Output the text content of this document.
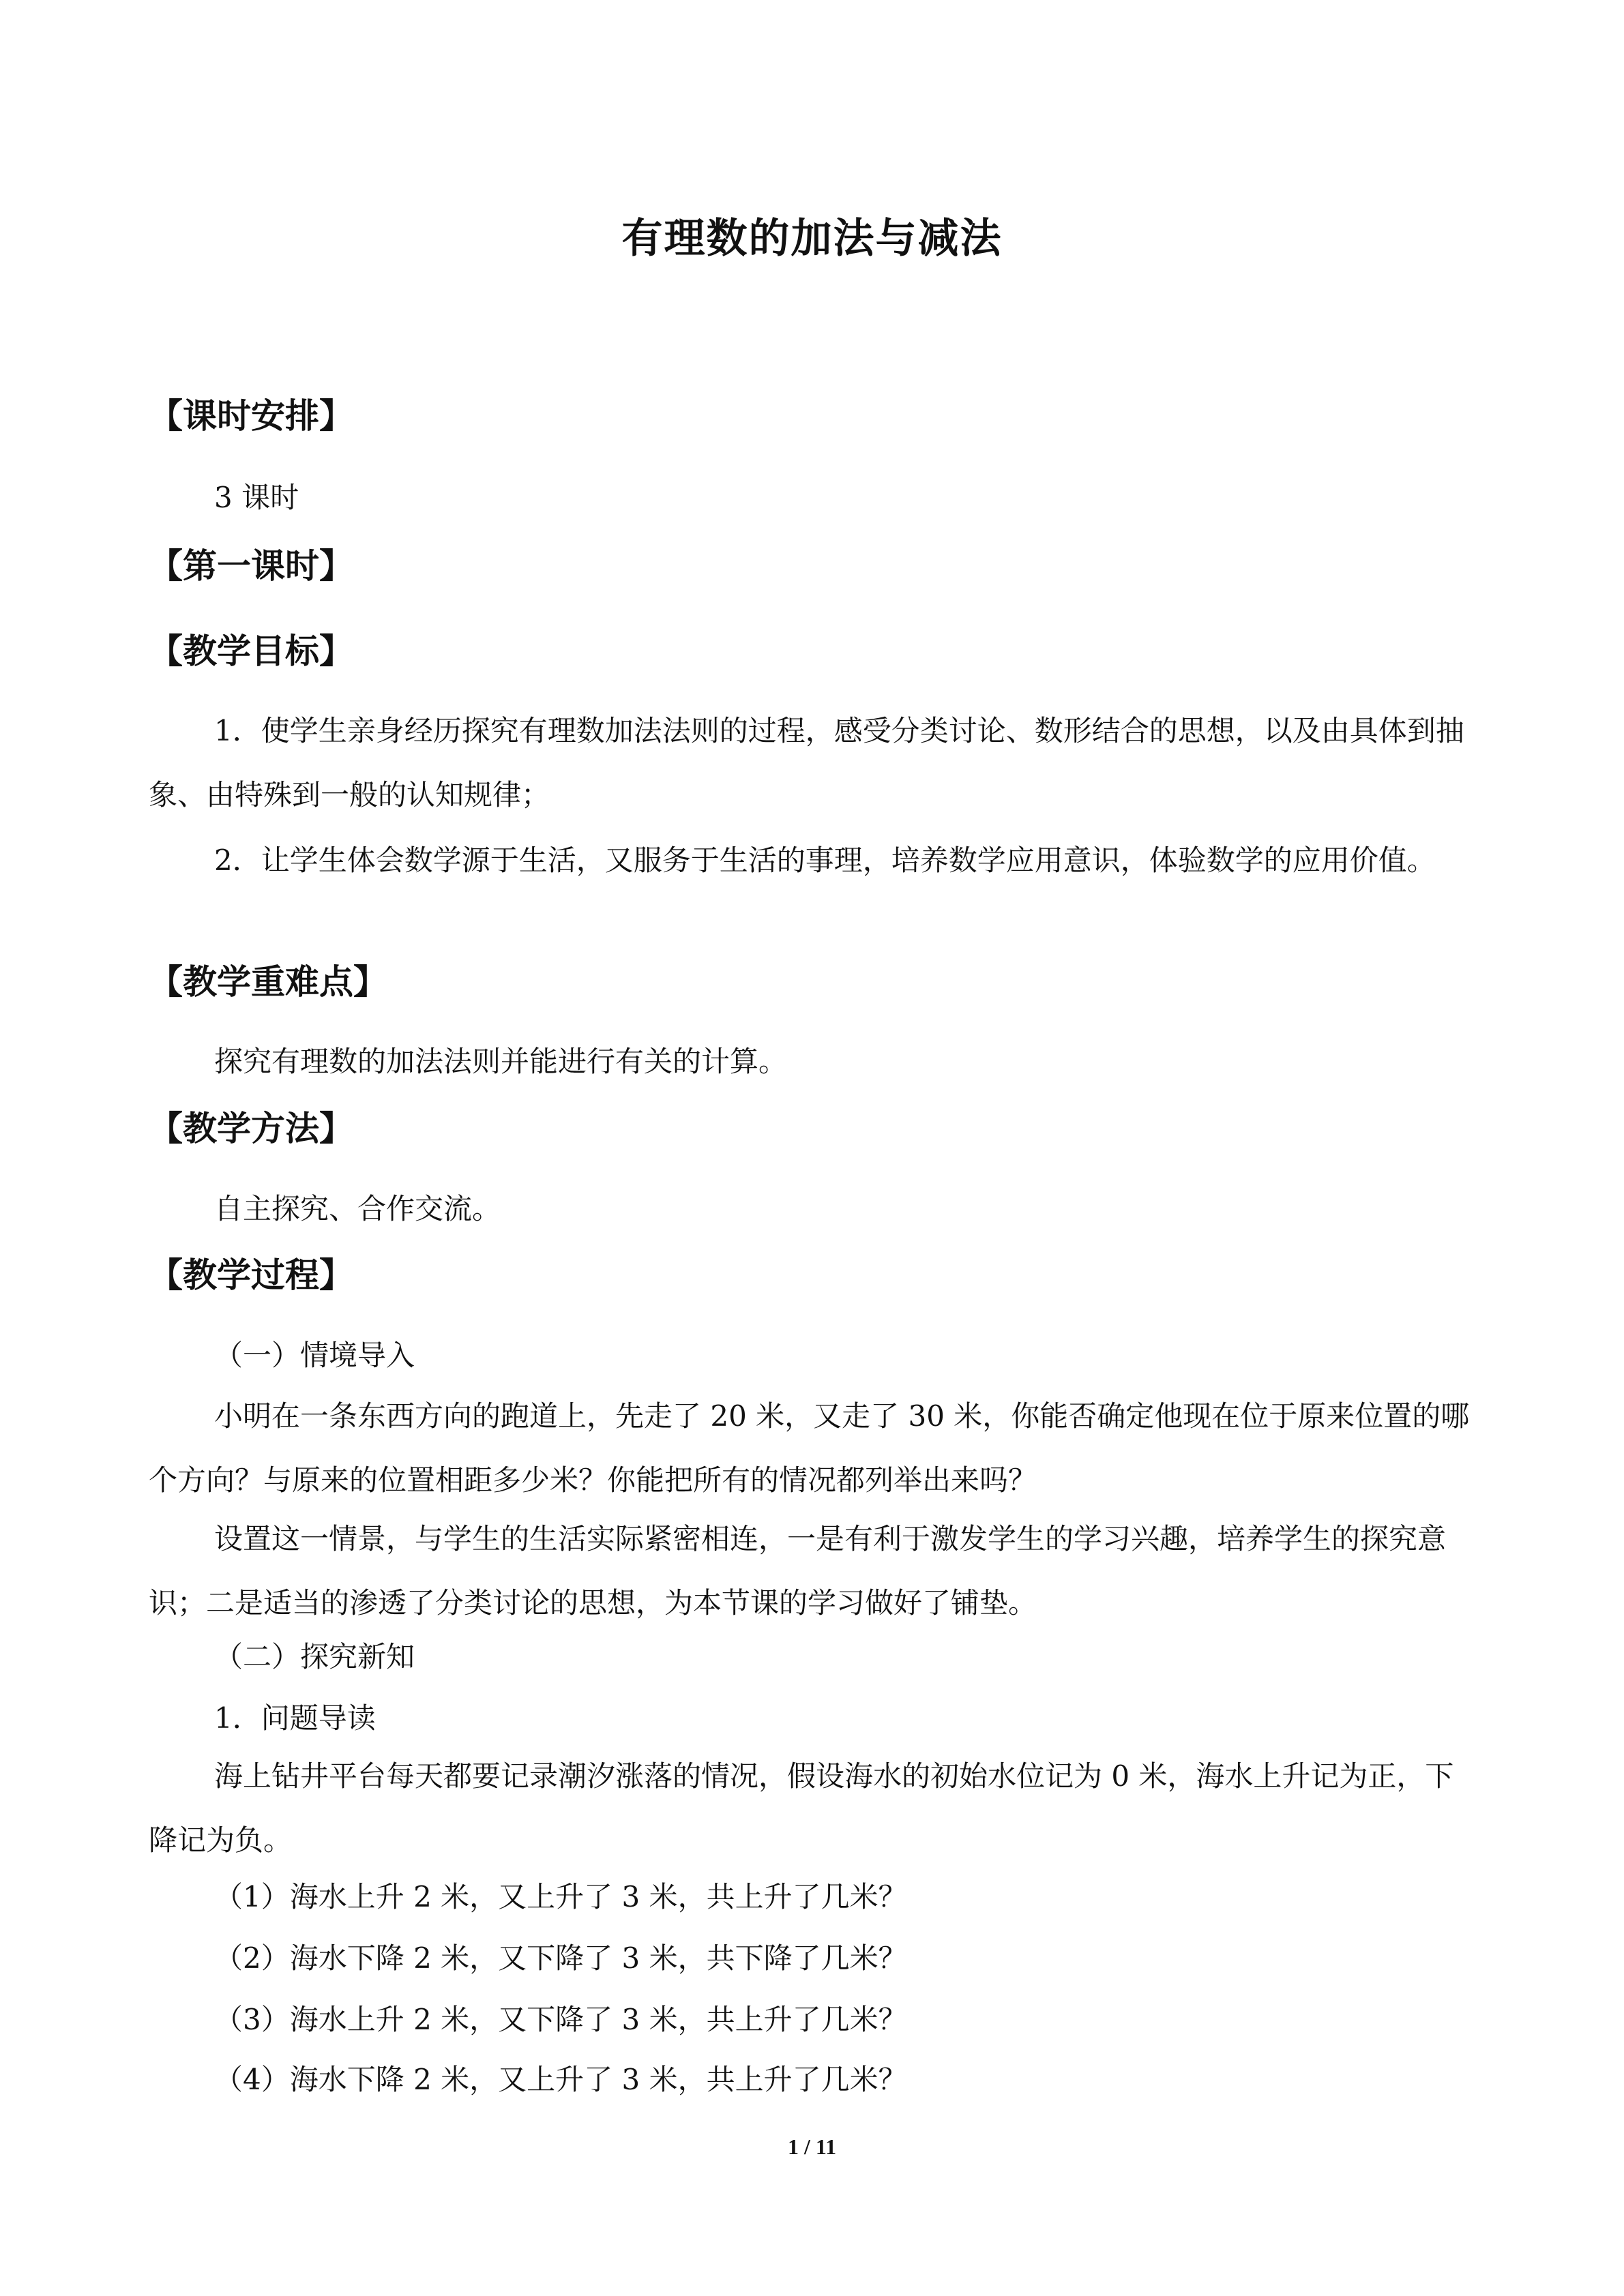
有理数的加法与减法
【课时安排】
3 课时
【第一课时】
【教学目标】
1．使学生亲身经历探究有理数加法法则的过程，感受分类讨论、数形结合的思想，以及由具体到抽象、由特殊到一般的认知规律；
2．让学生体会数学源于生活，又服务于生活的事理，培养数学应用意识，体验数学的应用价值。
【教学重难点】
探究有理数的加法法则并能进行有关的计算。
【教学方法】
自主探究、合作交流。
【教学过程】
（一）情境导入
小明在一条东西方向的跑道上，先走了 20 米，又走了 30 米，你能否确定他现在位于原来位置的哪个方向？与原来的位置相距多少米？你能把所有的情况都列举出来吗？
设置这一情景，与学生的生活实际紧密相连，一是有利于激发学生的学习兴趣，培养学生的探究意识；二是适当的渗透了分类讨论的思想，为本节课的学习做好了铺垫。
（二）探究新知
1．问题导读
海上钻井平台每天都要记录潮汐涨落的情况，假设海水的初始水位记为 0 米，海水上升记为正，下降记为负。
（1）海水上升 2 米，又上升了 3 米，共上升了几米？
（2）海水下降 2 米，又下降了 3 米，共下降了几米？
（3）海水上升 2 米，又下降了 3 米，共上升了几米？
（4）海水下降 2 米，又上升了 3 米，共上升了几米？
1 / 11
